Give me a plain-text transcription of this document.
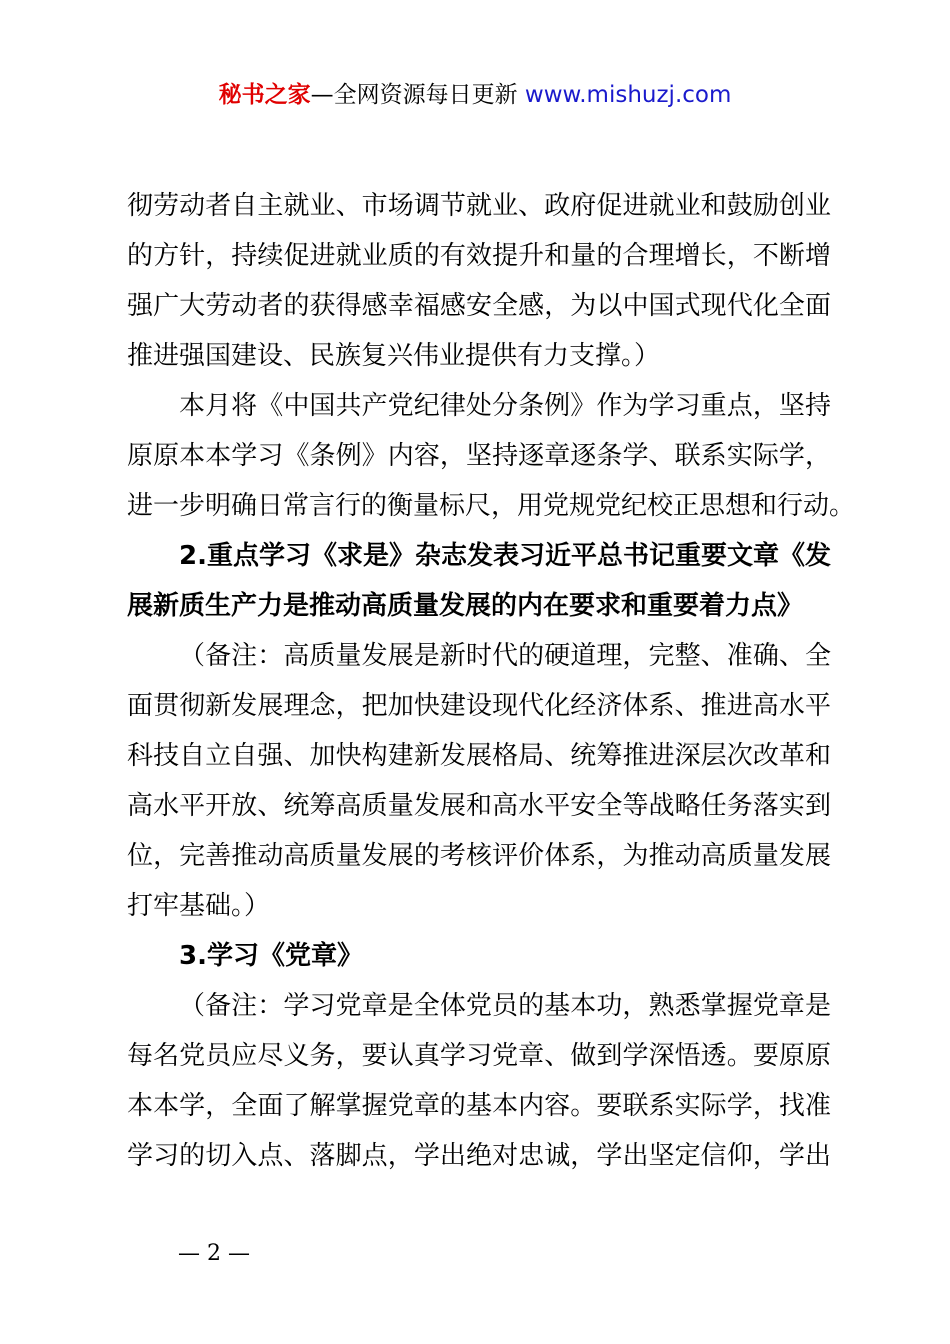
秘书之家—全网资源每日更新 www.mishuzj.com
彻劳动者自主就业、市场调节就业、政府促进就业和鼓励创业
的方针，持续促进就业质的有效提升和量的合理增长，不断增
强广大劳动者的获得感幸福感安全感，为以中国式现代化全面
推进强国建设、民族复兴伟业提供有力支撑。）
本月将《中国共产党纪律处分条例》作为学习重点，坚持
原原本本学习《条例》内容，坚持逐章逐条学、联系实际学，
进一步明确日常言行的衡量标尺，用党规党纪校正思想和行动。
2.重点学习《求是》杂志发表习近平总书记重要文章《发
展新质生产力是推动高质量发展的内在要求和重要着力点》
（备注：高质量发展是新时代的硬道理，完整、准确、全
面贯彻新发展理念，把加快建设现代化经济体系、推进高水平
科技自立自强、加快构建新发展格局、统筹推进深层次改革和
高水平开放、统筹高质量发展和高水平安全等战略任务落实到
位，完善推动高质量发展的考核评价体系，为推动高质量发展
打牢基础。）
3.学习《党章》
（备注：学习党章是全体党员的基本功，熟悉掌握党章是
每名党员应尽义务，要认真学习党章、做到学深悟透。要原原
本本学，全面了解掌握党章的基本内容。要联系实际学，找准
学习的切入点、落脚点，学出绝对忠诚，学出坚定信仰，学出
— 2 —
